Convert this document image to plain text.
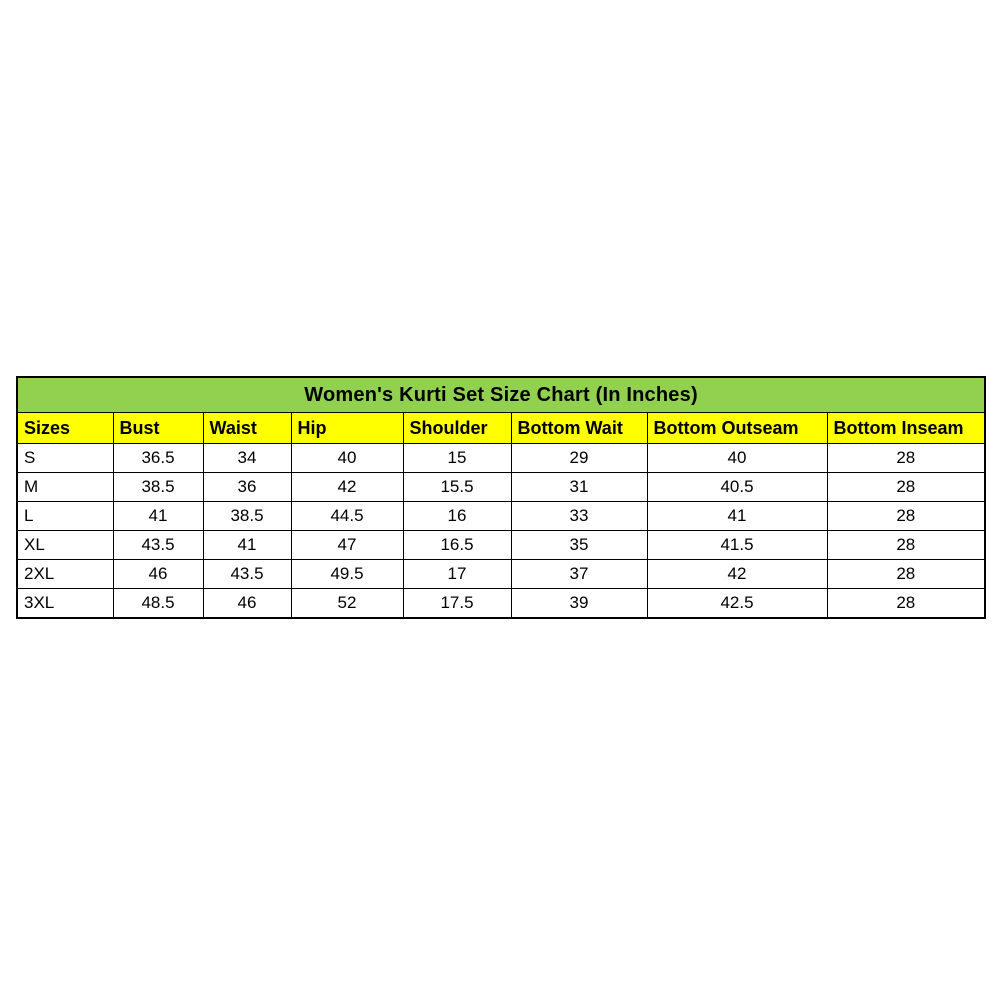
Women's Kurti Set Size Chart (In Inches)							
Sizes	Bust	Waist	Hip	Shoulder	Bottom Wait	Bottom Outseam	Bottom Inseam
S	36.5	34	40	15	29	40	28
M	38.5	36	42	15.5	31	40.5	28
L	41	38.5	44.5	16	33	41	28
XL	43.5	41	47	16.5	35	41.5	28
2XL	46	43.5	49.5	17	37	42	28
3XL	48.5	46	52	17.5	39	42.5	28
